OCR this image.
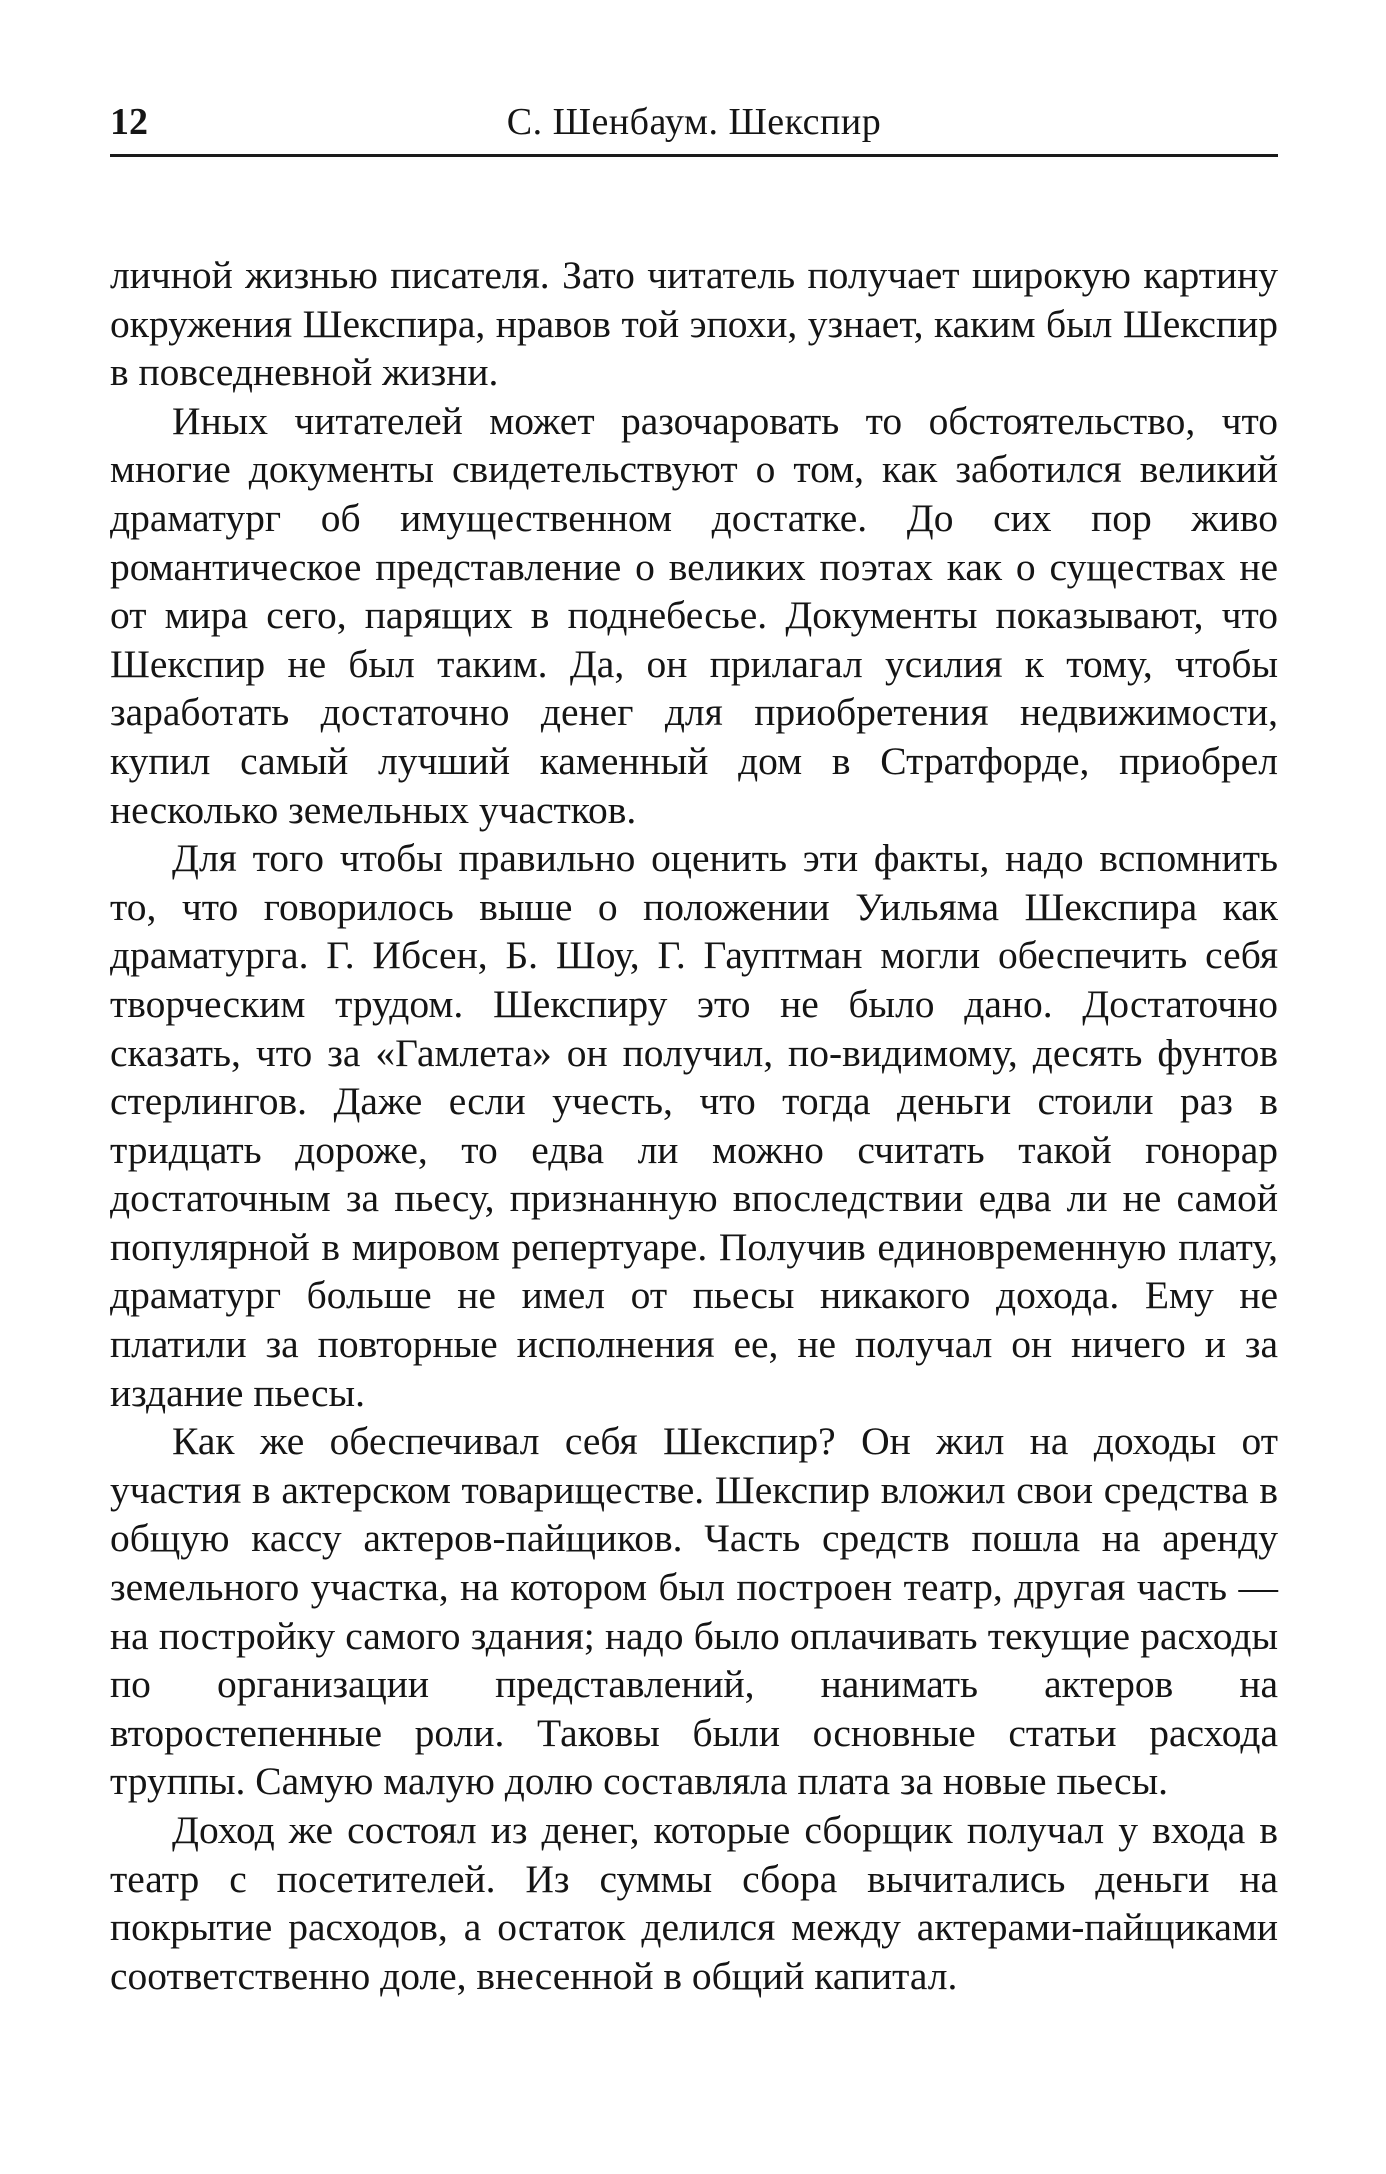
12	С. Шенбаум. Шекспир

личной жизнью писателя. Зато читатель получает широкую картину окружения Шекспира, нравов той эпохи, узнает, каким был Шекспир в повседневной жизни.

Иных читателей может разочаровать то обстоятельство, что многие документы свидетельствуют о том, как заботился великий драматург об имущественном достатке. До сих пор живо романтическое представление о великих поэтах как о существах не от мира сего, парящих в поднебесье. Документы показывают, что Шекспир не был таким. Да, он прилагал усилия к тому, чтобы заработать достаточно денег для приобретения недвижимости, купил самый лучший каменный дом в Стратфорде, приобрел несколько земельных участков.

Для того чтобы правильно оценить эти факты, надо вспомнить то, что говорилось выше о положении Уильяма Шекспира как драматурга. Г. Ибсен, Б. Шоу, Г. Гауптман могли обеспечить себя творческим трудом. Шекспиру это не было дано. Достаточно сказать, что за «Гамлета» он получил, по-видимому, десять фунтов стерлингов. Даже если учесть, что тогда деньги стоили раз в тридцать дороже, то едва ли можно считать такой гонорар достаточным за пьесу, признанную впоследствии едва ли не самой популярной в мировом репертуаре. Получив единовременную плату, драматург больше не имел от пьесы никакого дохода. Ему не платили за повторные исполнения ее, не получал он ничего и за издание пьесы.

Как же обеспечивал себя Шекспир? Он жил на доходы от участия в актерском товариществе. Шекспир вложил свои средства в общую кассу актеров-пайщиков. Часть средств пошла на аренду земельного участка, на котором был построен театр, другая часть — на постройку самого здания; надо было оплачивать текущие расходы по организации представлений, нанимать актеров на второстепенные роли. Таковы были основные статьи расхода труппы. Самую малую долю составляла плата за новые пьесы.

Доход же состоял из денег, которые сборщик получал у входа в театр с посетителей. Из суммы сбора вычитались деньги на покрытие расходов, а остаток делился между актерами-пайщиками соответственно доле, внесенной в общий капитал.
